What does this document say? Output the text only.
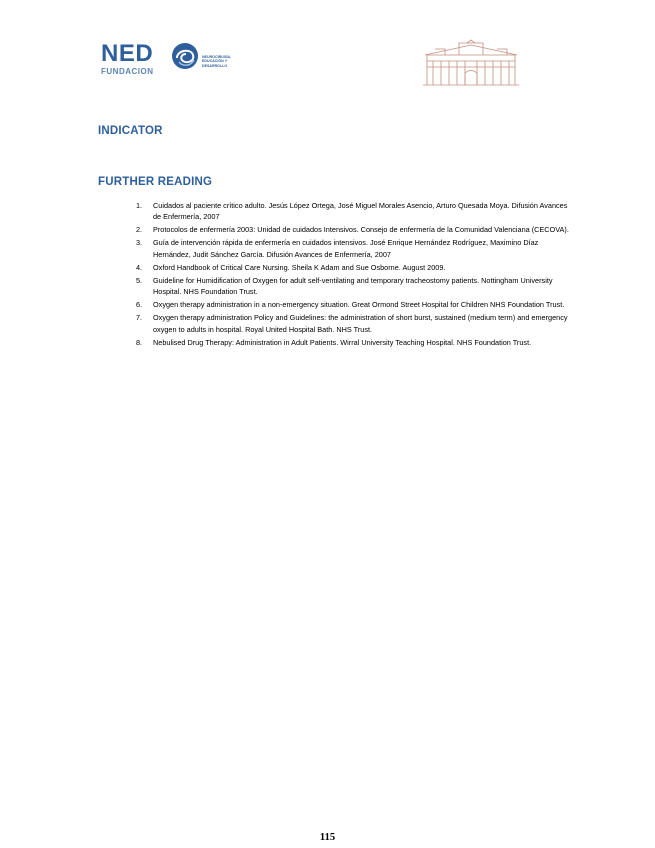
NED
FUNDACION
NEUROCIRUGÍA,
EDUCACIÓN Y
DESARROLLO
INDICATOR
FURTHER READING
1. Cuidados al paciente crítico adulto. Jesús López Ortega, José Miguel Morales Asencio, Arturo Quesada Moya. Difusión Avances de Enfermería, 2007
2. Protocolos de enfermería 2003: Unidad de cuidados Intensivos. Consejo de enfermería de la Comunidad Valenciana (CECOVA).
3. Guía de intervención rápida de enfermería en cuidados intensivos. José Enrique Hernández Rodríguez, Maximino Díaz Hernández, Judit Sánchez García. Difusión Avances de Enfermería, 2007
4. Oxford Handbook of Critical Care Nursing. Sheila K Adam and Sue Osborne. August 2009.
5. Guideline for Humidification of Oxygen for adult self-ventilating and temporary tracheostomy patients. Nottingham University Hospital. NHS Foundation Trust.
6. Oxygen therapy administration in a non-emergency situation. Great Ormond Street Hospital for Children NHS Foundation Trust.
7. Oxygen therapy administration Policy and Guidelines: the administration of short burst, sustained (medium term) and emergency oxygen to adults in hospital. Royal United Hospital Bath. NHS Trust.
8. Nebulised Drug Therapy: Administration in Adult Patients. Wirral University Teaching Hospital. NHS Foundation Trust.
115
